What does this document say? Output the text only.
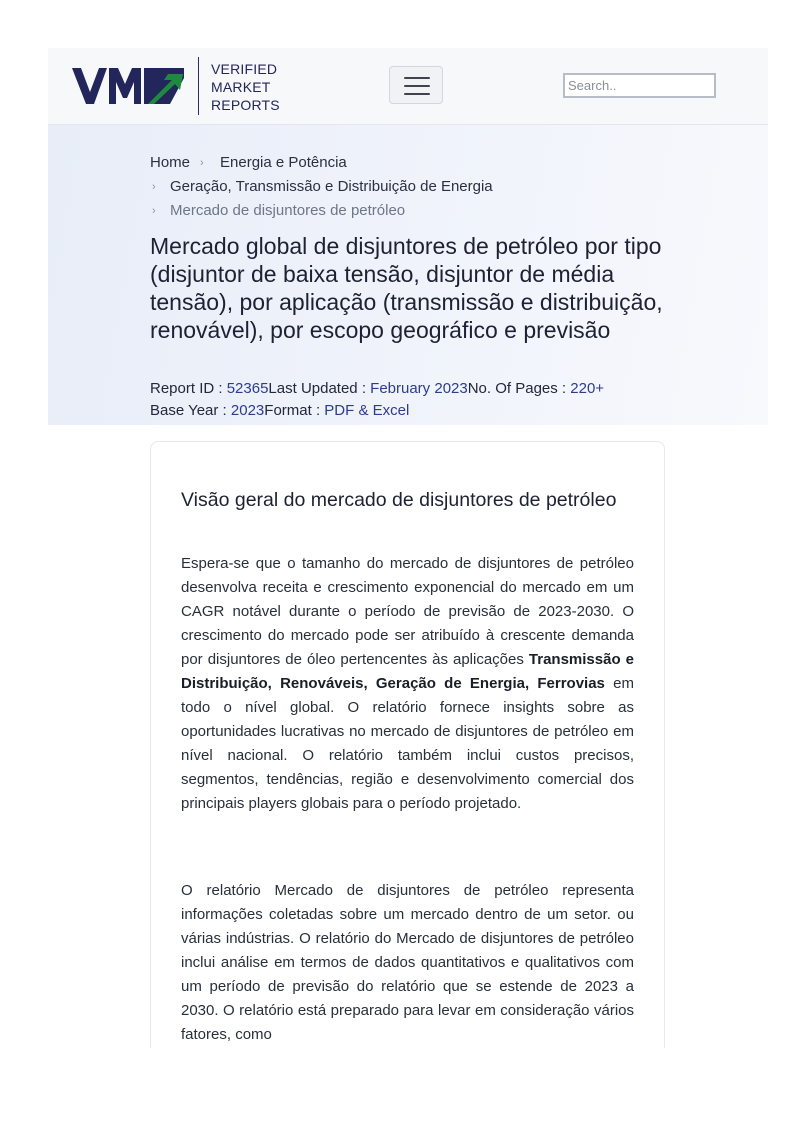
VERIFIED
MARKET
REPORTS
Search..
Home › Energia e Potência
› Geração, Transmissão e Distribuição de Energia
› Mercado de disjuntores de petróleo
Mercado global de disjuntores de petróleo por tipo (disjuntor de baixa tensão, disjuntor de média tensão), por aplicação (transmissão e distribuição, renovável), por escopo geográfico e previsão
Report ID : 52365Last Updated : February 2023No. Of Pages : 220+
Base Year : 2023Format : PDF & Excel
Visão geral do mercado de disjuntores de petróleo

Espera-se que o tamanho do mercado de disjuntores de petróleo desenvolva receita e crescimento exponencial do mercado em um CAGR notável durante o período de previsão de 2023-2030. O crescimento do mercado pode ser atribuído à crescente demanda por disjuntores de óleo pertencentes às aplicações Transmissão e Distribuição, Renováveis, Geração de Energia, Ferrovias em todo o nível global. O relatório fornece insights sobre as oportunidades lucrativas no mercado de disjuntores de petróleo em nível nacional. O relatório também inclui custos precisos, segmentos, tendências, região e desenvolvimento comercial dos principais players globais para o período projetado.

O relatório Mercado de disjuntores de petróleo representa informações coletadas sobre um mercado dentro de um setor. ou várias indústrias. O relatório do Mercado de disjuntores de petróleo inclui análise em termos de dados quantitativos e qualitativos com um período de previsão do relatório que se estende de 2023 a 2030. O relatório está preparado para levar em consideração vários fatores, como
